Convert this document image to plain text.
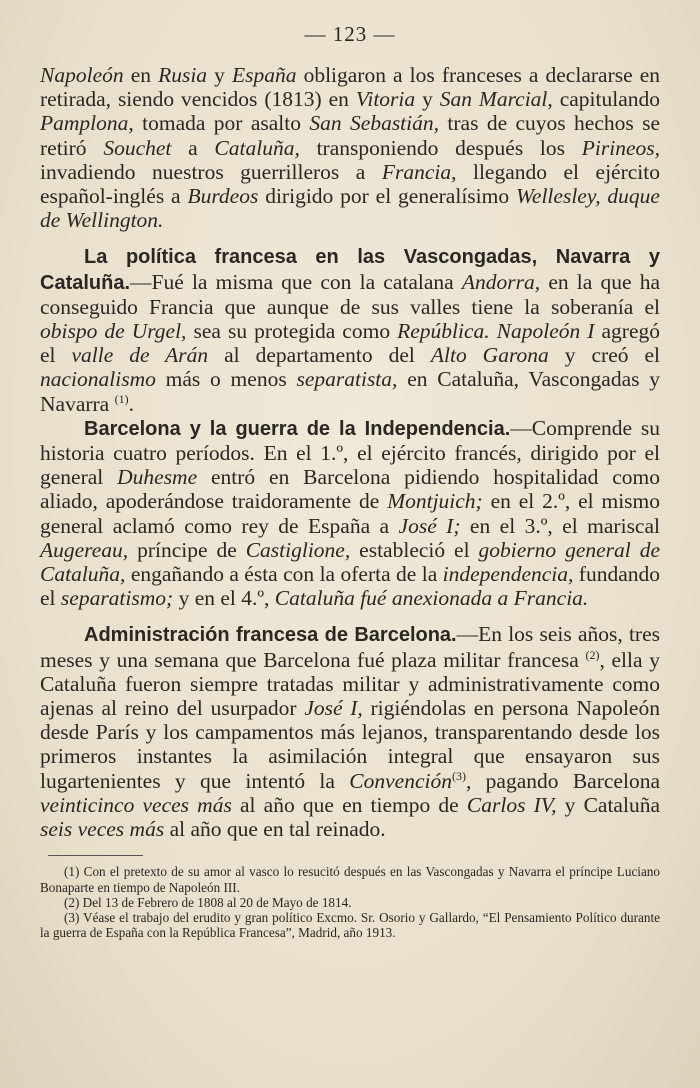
— 123 —

Napoleón en Rusia y España obligaron a los franceses a declararse en retirada, siendo vencidos (1813) en Vitoria y San Marcial, capitulando Pamplona, tomada por asalto San Sebastián, tras de cuyos hechos se retiró Souchet a Cataluña, transponiendo después los Pirineos, invadiendo nuestros guerrilleros a Francia, llegando el ejército español-inglés a Burdeos dirigido por el generalísimo Wellesley, duque de Wellington.

La política francesa en las Vascongadas, Navarra y Cataluña.—Fué la misma que con la catalana Andorra, en la que ha conseguido Francia que aunque de sus valles tiene la soberanía el obispo de Urgel, sea su protegida como República. Napoleón I agregó el valle de Arán al departamento del Alto Garona y creó el nacionalismo más o menos separatista, en Cataluña, Vascongadas y Navarra $^{(1)}$.

Barcelona y la guerra de la Independencia.—Comprende su historia cuatro períodos. En el 1.º, el ejército francés, dirigido por el general Duhesme entró en Barcelona pidiendo hospitalidad como aliado, apoderándose traidoramente de Montjuich; en el 2.º, el mismo general aclamó como rey de España a José I; en el 3.º, el mariscal Augereau, príncipe de Castiglione, estableció el gobierno general de Cataluña, engañando a ésta con la oferta de la independencia, fundando el separatismo; y en el 4.º, Cataluña fué anexionada a Francia.

Administración francesa de Barcelona.—En los seis años, tres meses y una semana que Barcelona fué plaza militar francesa $^{(2)}$, ella y Cataluña fueron siempre tratadas militar y administrativamente como ajenas al reino del usurpador José I, rigiéndolas en persona Napoleón desde París y los campamentos más lejanos, transparentando desde los primeros instantes la asimilación integral que ensayaron sus lugartenientes y que intentó la Convención$^{(3)}$, pagando Barcelona veinticinco veces más al año que en tiempo de Carlos IV, y Cataluña seis veces más al año que en tal reinado.

(1) Con el pretexto de su amor al vasco lo resucitó después en las Vascongadas y Navarra el príncipe Luciano Bonaparte en tiempo de Napoleón III.

(2) Del 13 de Febrero de 1808 al 20 de Mayo de 1814.

(3) Véase el trabajo del erudito y gran político Excmo. Sr. Osorio y Gallardo, “El Pensamiento Político durante la guerra de España con la República Francesa”, Madrid, año 1913.
